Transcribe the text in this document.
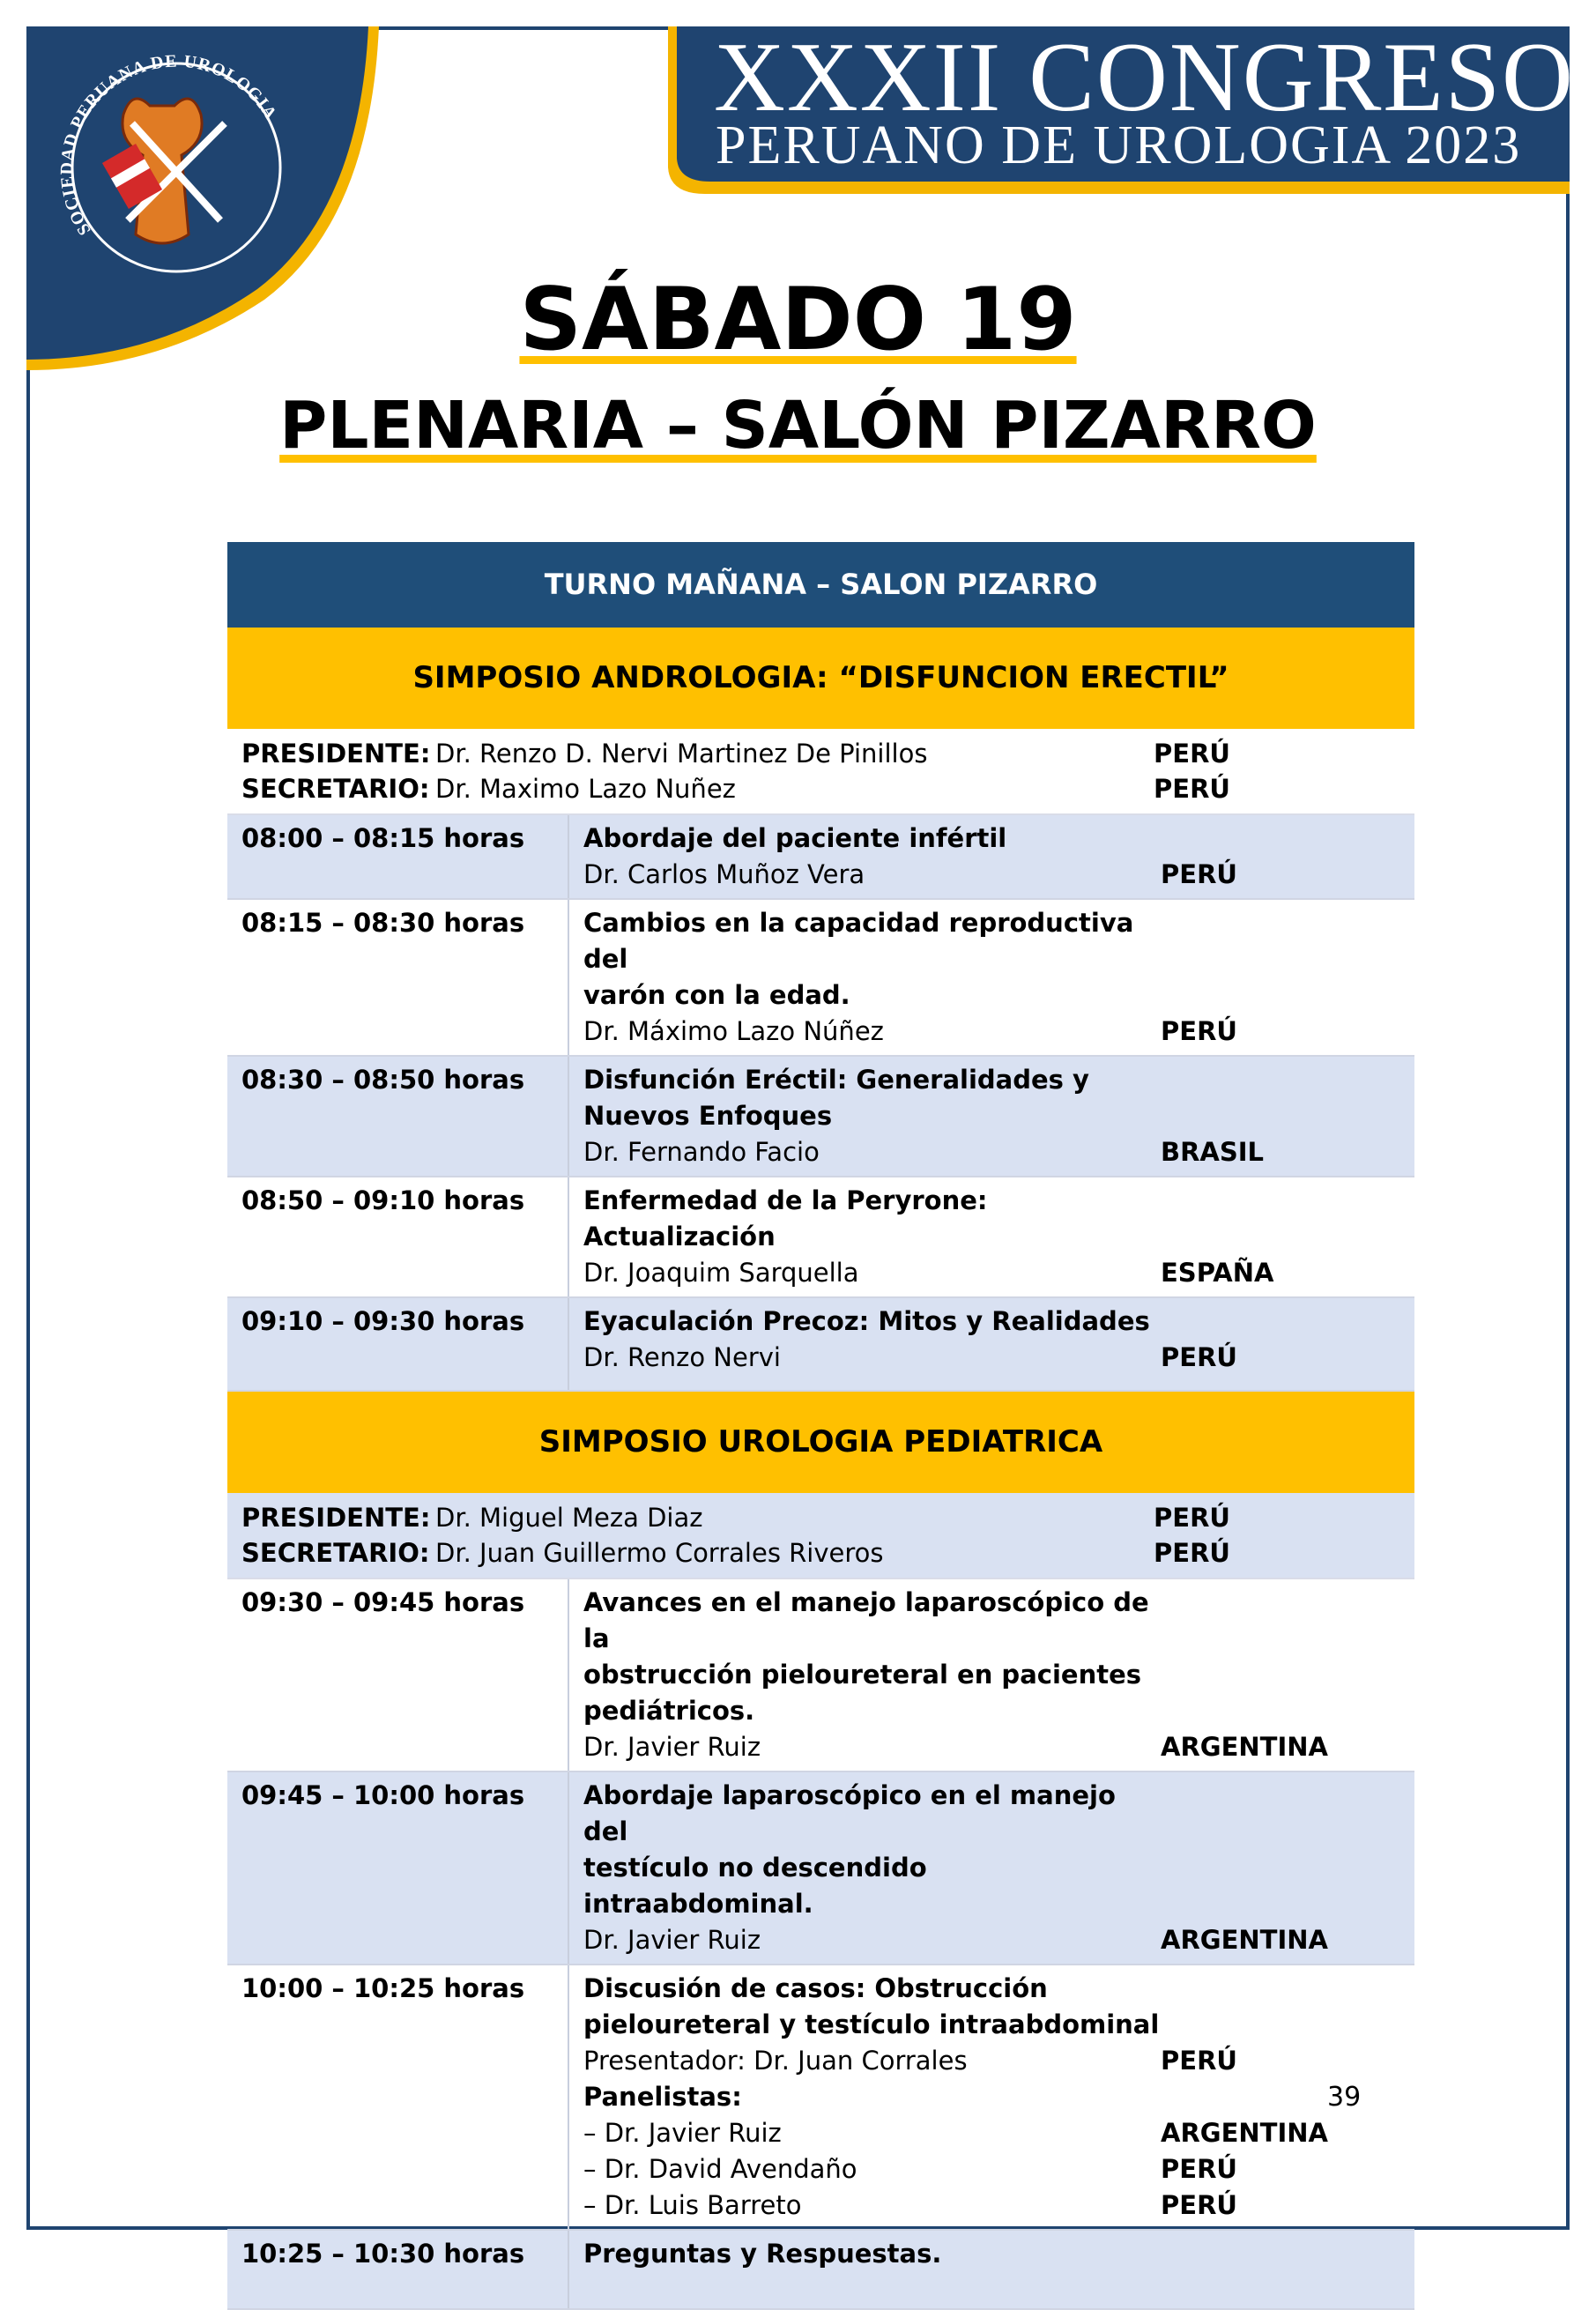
SOCIEDAD PERUANA DE UROLOGIA	XXXII CONGRESO
PERUANO DE UROLOGIA 2023
SÁBADO 19
PLENARIA – SALÓN PIZARRO
TURNO MAÑANA – SALON PIZARRO
SIMPOSIO ANDROLOGIA: “DISFUNCION ERECTIL”
PRESIDENTE: Dr. Renzo D. Nervi Martinez De Pinillos	PERÚ
SECRETARIO: Dr. Maximo Lazo Nuñez	PERÚ
08:00 – 08:15 horas	Abordaje del paciente infértil
Dr. Carlos Muñoz Vera	PERÚ
08:15 – 08:30 horas	Cambios en la capacidad reproductiva del
varón con la edad.
Dr. Máximo Lazo Núñez	PERÚ
08:30 – 08:50 horas	Disfunción Eréctil: Generalidades y
Nuevos Enfoques
Dr. Fernando Facio	BRASIL
08:50 – 09:10 horas	Enfermedad de la Peryrone: Actualización
Dr. Joaquim Sarquella	ESPAÑA
09:10 – 09:30 horas	Eyaculación Precoz: Mitos y Realidades
Dr. Renzo Nervi	PERÚ
SIMPOSIO UROLOGIA PEDIATRICA
PRESIDENTE: Dr. Miguel Meza Diaz	PERÚ
SECRETARIO: Dr. Juan Guillermo Corrales Riveros	PERÚ
09:30 – 09:45 horas	Avances en el manejo laparoscópico de la
obstrucción pieloureteral en pacientes pediátricos.
Dr. Javier Ruiz	ARGENTINA
09:45 – 10:00 horas	Abordaje laparoscópico en el manejo del
testículo no descendido intraabdominal.
Dr. Javier Ruiz	ARGENTINA
10:00 – 10:25 horas	Discusión de casos: Obstrucción
pieloureteral y testículo intraabdominal
Presentador: Dr. Juan Corrales	PERÚ
Panelistas:
– Dr. Javier Ruiz	ARGENTINA
– Dr. David Avendaño	PERÚ
– Dr. Luis Barreto	PERÚ
10:25 – 10:30 horas	Preguntas y Respuestas.
39
